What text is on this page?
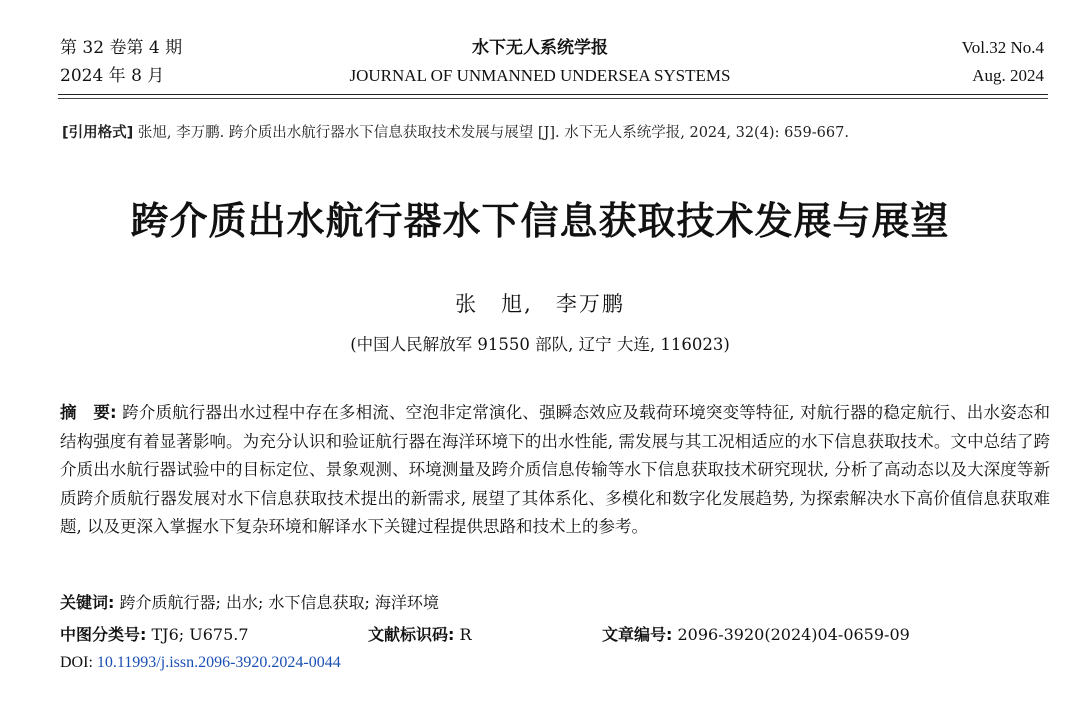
第 32 卷第 4 期
2024 年 8 月
水下无人系统学报
JOURNAL OF UNMANNED UNDERSEA SYSTEMS
Vol.32 No.4
Aug. 2024
[引用格式] 张旭, 李万鹏. 跨介质出水航行器水下信息获取技术发展与展望 [J]. 水下无人系统学报, 2024, 32(4): 659-667.
跨介质出水航行器水下信息获取技术发展与展望
张　旭,　李万鹏
(中国人民解放军 91550 部队, 辽宁 大连, 116023)
摘　要: 跨介质航行器出水过程中存在多相流、空泡非定常演化、强瞬态效应及载荷环境突变等特征, 对航行器的稳定航行、出水姿态和结构强度有着显著影响。为充分认识和验证航行器在海洋环境下的出水性能, 需发展与其工况相适应的水下信息获取技术。文中总结了跨介质出水航行器试验中的目标定位、景象观测、环境测量及跨介质信息传输等水下信息获取技术研究现状, 分析了高动态以及大深度等新质跨介质航行器发展对水下信息获取技术提出的新需求, 展望了其体系化、多模化和数字化发展趋势, 为探索解决水下高价值信息获取难题, 以及更深入掌握水下复杂环境和解译水下关键过程提供思路和技术上的参考。
关键词: 跨介质航行器; 出水; 水下信息获取; 海洋环境
中图分类号: TJ6; U675.7	文献标识码: R	文章编号: 2096-3920(2024)04-0659-09
DOI: 10.11993/j.issn.2096-3920.2024-0044
